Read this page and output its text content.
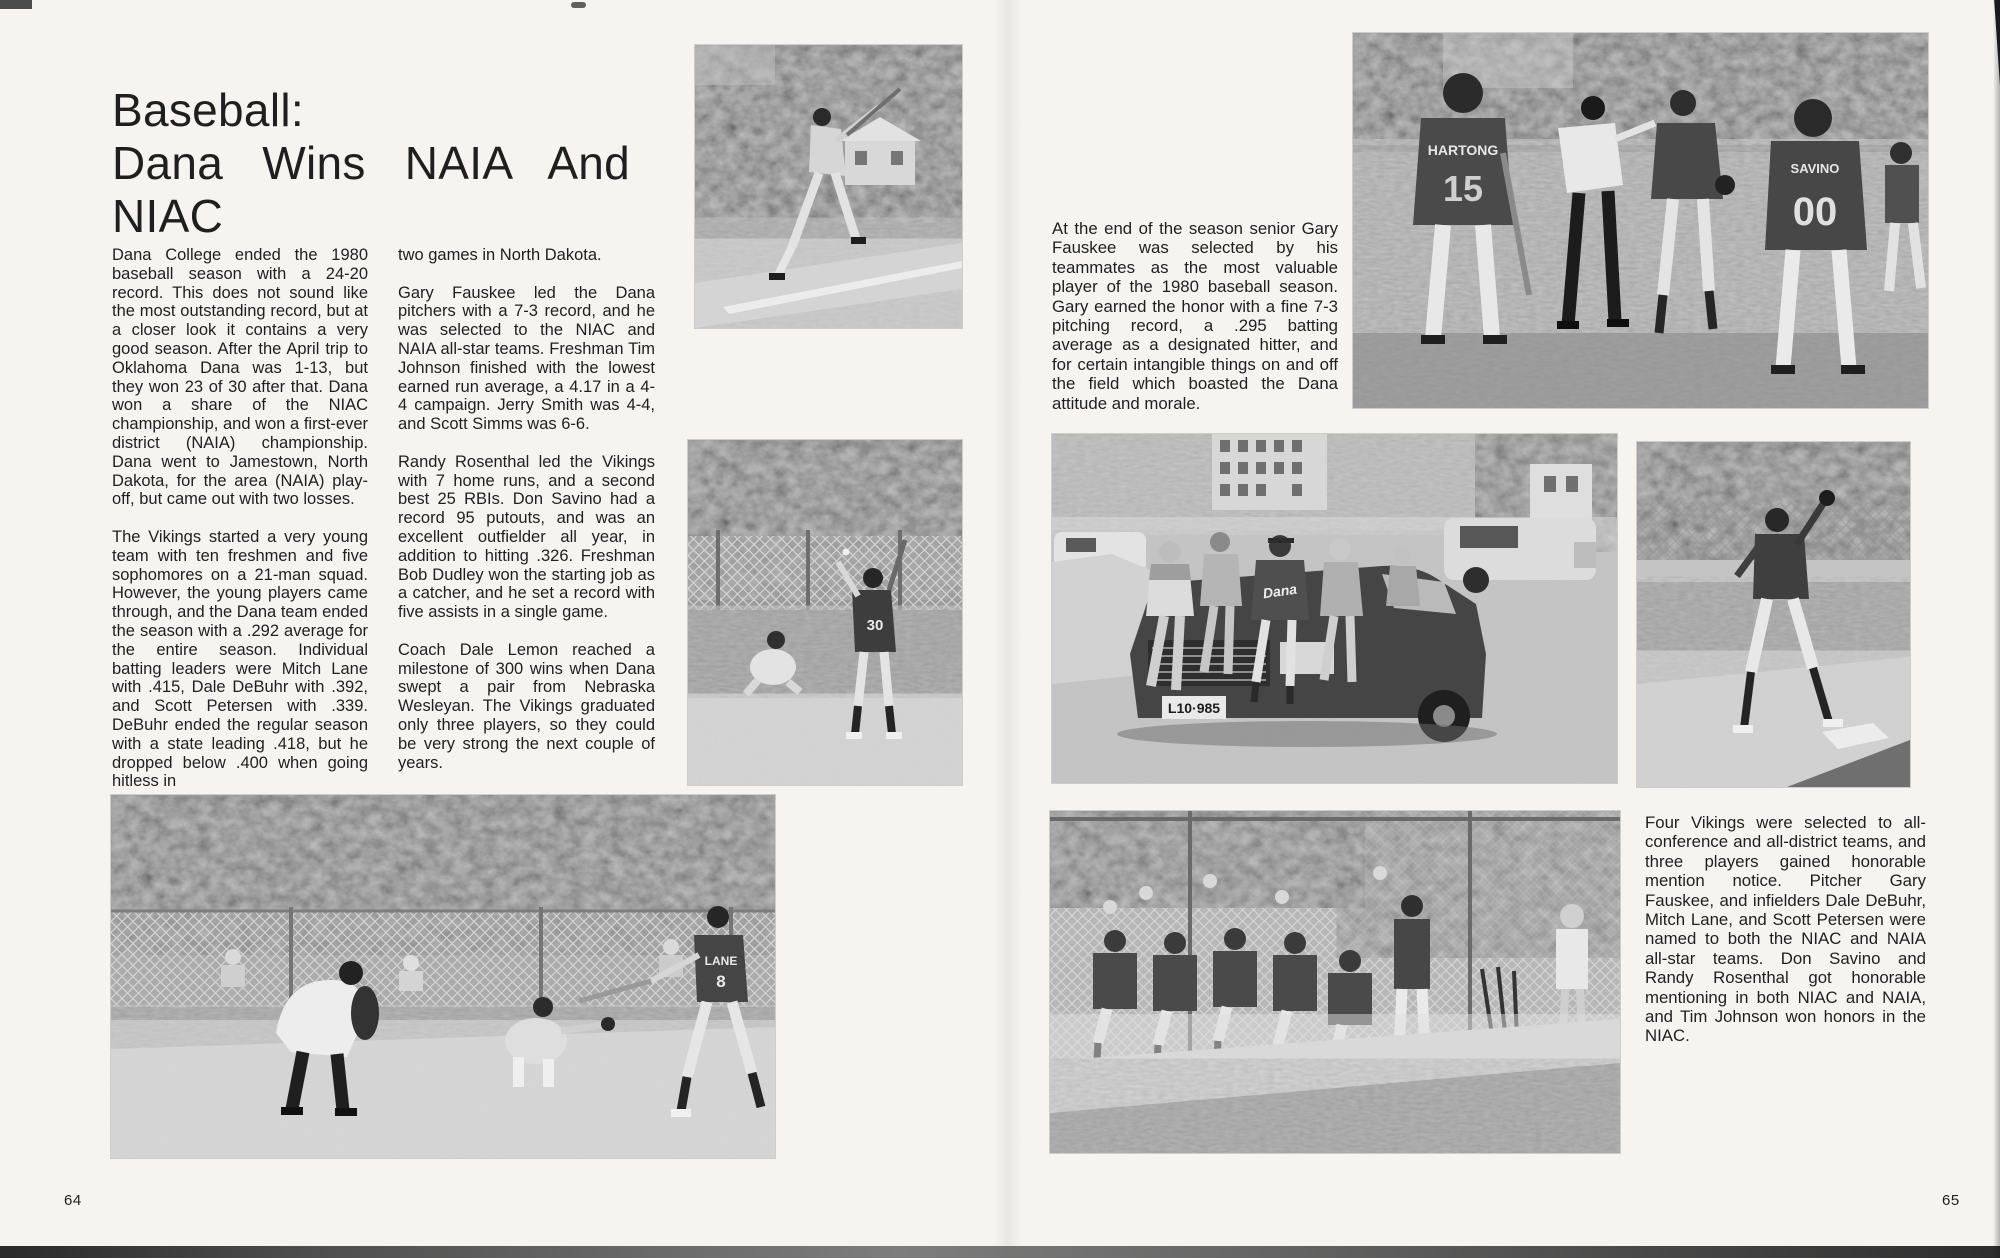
Baseball:
Dana Wins NAIA And
NIAC

Dana College ended the 1980 baseball season with a 24-20 record. This does not sound like the most outstanding record, but at a closer look it contains a very good season. After the April trip to Oklahoma Dana was 1-13, but they won 23 of 30 after that. Dana won a share of the NIAC championship, and won a first-ever district (NAIA) championship. Dana went to Jamestown, North Dakota, for the area (NAIA) play-off, but came out with two losses.

The Vikings started a very young team with ten freshmen and five sophomores on a 21-man squad. However, the young players came through, and the Dana team ended the season with a .292 average for the entire season. Individual batting leaders were Mitch Lane with .415, Dale DeBuhr with .392, and Scott Petersen with .339. DeBuhr ended the regular season with a state leading .418, but he dropped below .400 when going hitless in

two games in North Dakota.

Gary Fauskee led the Dana pitchers with a 7-3 record, and he was selected to the NIAC and NAIA all-star teams. Freshman Tim Johnson finished with the lowest earned run average, a 4.17 in a 4-4 campaign. Jerry Smith was 4-4, and Scott Simms was 6-6.

Randy Rosenthal led the Vikings with 7 home runs, and a second best 25 RBIs. Don Savino had a record 95 putouts, and was an excellent outfielder all year, in addition to hitting .326. Freshman Bob Dudley won the starting job as a catcher, and he set a record with five assists in a single game.

Coach Dale Lemon reached a milestone of 300 wins when Dana swept a pair from Nebraska Wesleyan. The Vikings graduated only three players, so they could be very strong the next couple of years.

30
LANE
8
64
HARTONG
15	SAVINO
00

At the end of the season senior Gary Fauskee was selected by his teammates as the most valuable player of the 1980 baseball season. Gary earned the honor with a fine 7-3 pitching record, a .295 batting average as a designated hitter, and for certain intangible things on and off the field which boasted the Dana attitude and morale.

L10·985
Dana

Four Vikings were selected to all-conference and all-district teams, and three players gained honorable mention notice. Pitcher Gary Fauskee, and infielders Dale DeBuhr, Mitch Lane, and Scott Petersen were named to both the NIAC and NAIA all-star teams. Don Savino and Randy Rosenthal got honorable mentioning in both NIAC and NAIA, and Tim Johnson won honors in the NIAC.

65
